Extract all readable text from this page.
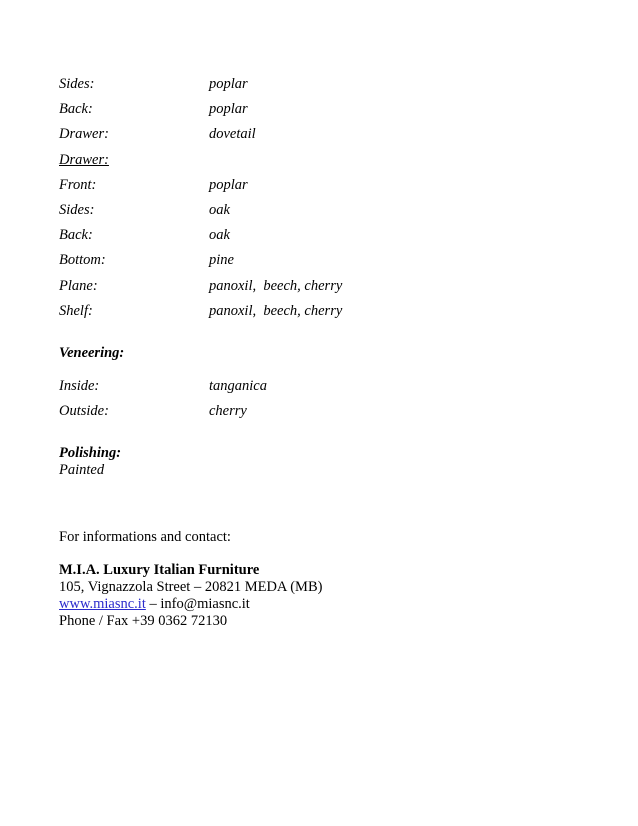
Sides:	poplar
Back:	poplar
Drawer:	dovetail
Drawer:
Front:	poplar
Sides:	oak
Back:	oak
Bottom:	pine
Plane:	panoxil,  beech, cherry
Shelf:	panoxil,  beech, cherry
Veneering:
Inside:	tanganica
Outside:	cherry
Polishing:
Painted
For informations and contact:
M.I.A. Luxury Italian Furniture
105, Vignazzola Street – 20821 MEDA (MB)
www.miasnc.it – info@miasnc.it
Phone / Fax +39 0362 72130
